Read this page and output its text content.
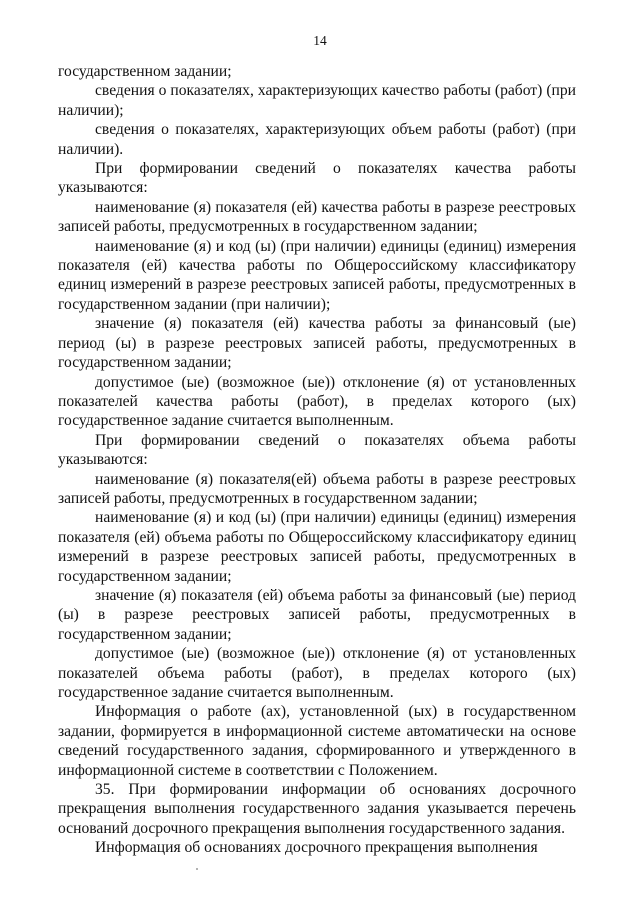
14

государственном задании;

сведения о показателях, характеризующих качество работы (работ) (при наличии);

сведения о показателях, характеризующих объем работы (работ) (при наличии).

При формировании сведений о показателях качества работы указываются:

наименование (я) показателя (ей) качества работы в разрезе реестровых записей работы, предусмотренных в государственном задании;

наименование (я) и код (ы) (при наличии) единицы (единиц) измерения показателя (ей) качества работы по Общероссийскому классификатору единиц измерений в разрезе реестровых записей работы, предусмотренных в государственном задании (при наличии);

значение (я) показателя (ей) качества работы за финансовый (ые) период (ы) в разрезе реестровых записей работы, предусмотренных в государственном задании;

допустимое (ые) (возможное (ые)) отклонение (я) от установленных показателей качества работы (работ), в пределах которого (ых) государственное задание считается выполненным.

При формировании сведений о показателях объема работы указываются:

наименование (я) показателя(ей) объема работы в разрезе реестровых записей работы, предусмотренных в государственном задании;

наименование (я) и код (ы) (при наличии) единицы (единиц) измерения показателя (ей) объема работы по Общероссийскому классификатору единиц измерений в разрезе реестровых записей работы, предусмотренных в государственном задании;

значение (я) показателя (ей) объема работы за финансовый (ые) период (ы) в разрезе реестровых записей работы, предусмотренных в государственном задании;

допустимое (ые) (возможное (ые)) отклонение (я) от установленных показателей объема работы (работ), в пределах которого (ых) государственное задание считается выполненным.

Информация о работе (ах), установленной (ых) в государственном задании, формируется в информационной системе автоматически на основе сведений государственного задания, сформированного и утвержденного в информационной системе в соответствии с Положением.

35. При формировании информации об основаниях досрочного прекращения выполнения государственного задания указывается перечень оснований досрочного прекращения выполнения государственного задания.

Информация об основаниях досрочного прекращения выполнения
